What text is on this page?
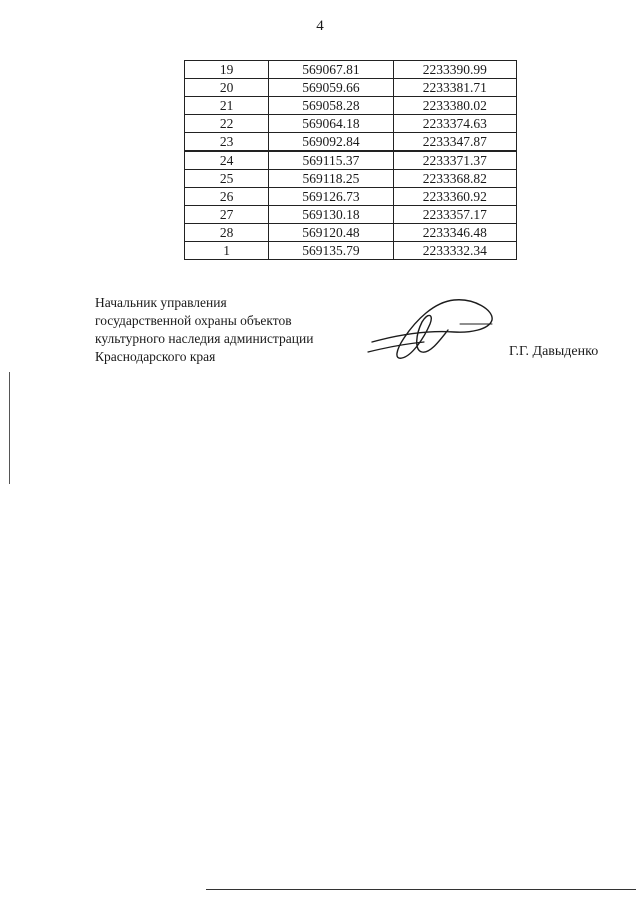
4
19	569067.81	2233390.99
20	569059.66	2233381.71
21	569058.28	2233380.02
22	569064.18	2233374.63
23	569092.84	2233347.87
24	569115.37	2233371.37
25	569118.25	2233368.82
26	569126.73	2233360.92
27	569130.18	2233357.17
28	569120.48	2233346.48
1	569135.79	2233332.34
Начальник управления
государственной охраны объектов
культурного наследия администрации
Краснодарского края	Г.Г. Давыденко
